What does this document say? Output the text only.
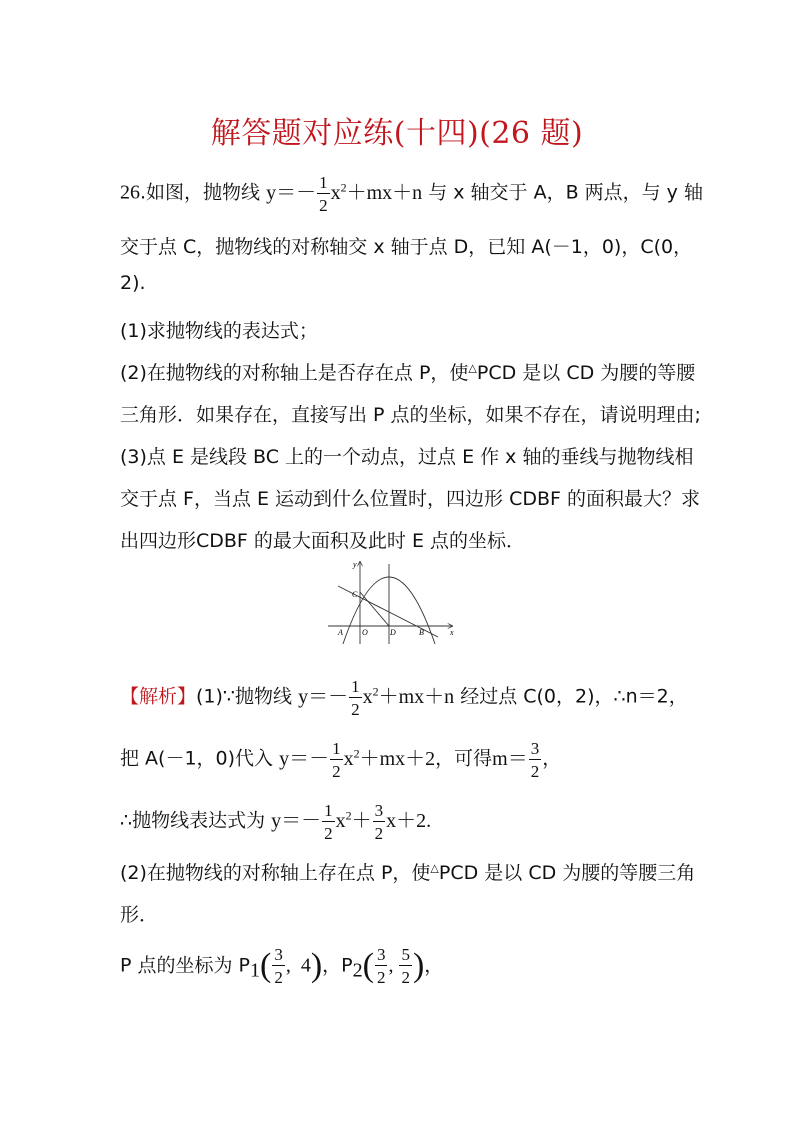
解答题对应练(十四)(26 题)
26.如图，抛物线 $y=- \frac{1}{2} x^2+mx+n$ 与 x 轴交于 A，B 两点，与 y 轴
交于点 C，抛物线的对称轴交 x 轴于点 D，已知 A(－1，0)，C(0，
2).
(1)求抛物线的表达式；
(2)在抛物线的对称轴上是否存在点 P，使△PCD 是以 CD 为腰的等腰
三角形．如果存在，直接写出 P 点的坐标，如果不存在，请说明理由;
(3)点 E 是线段 BC 上的一个动点，过点 E 作 x 轴的垂线与抛物线相
交于点 F，当点 E 运动到什么位置时，四边形 CDBF 的面积最大？求
出四边形CDBF 的最大面积及此时 E 点的坐标．
y
x
C
A O	D	B
【解析】(1)∵抛物线 $y=- \frac{1}{2} x^2+mx+n$ 经过点 C(0，2)，∴n＝2，
把 A(－1，0)代入 $y=- \frac{1}{2} x^2+mx+2$，可得$m= \frac{3}{2}$ ，
∴抛物线表达式为 $y=- \frac{1}{2} x^2+ \frac{3}{2} x+2$.
(2)在抛物线的对称轴上存在点 P，使△PCD 是以 CD 为腰的等腰三角
形．
P 点的坐标为 $P_1( \frac{3}{2}$ ,  4)，$P_2( \frac{3}{2}$ , $\frac{5}{2}$ )，
